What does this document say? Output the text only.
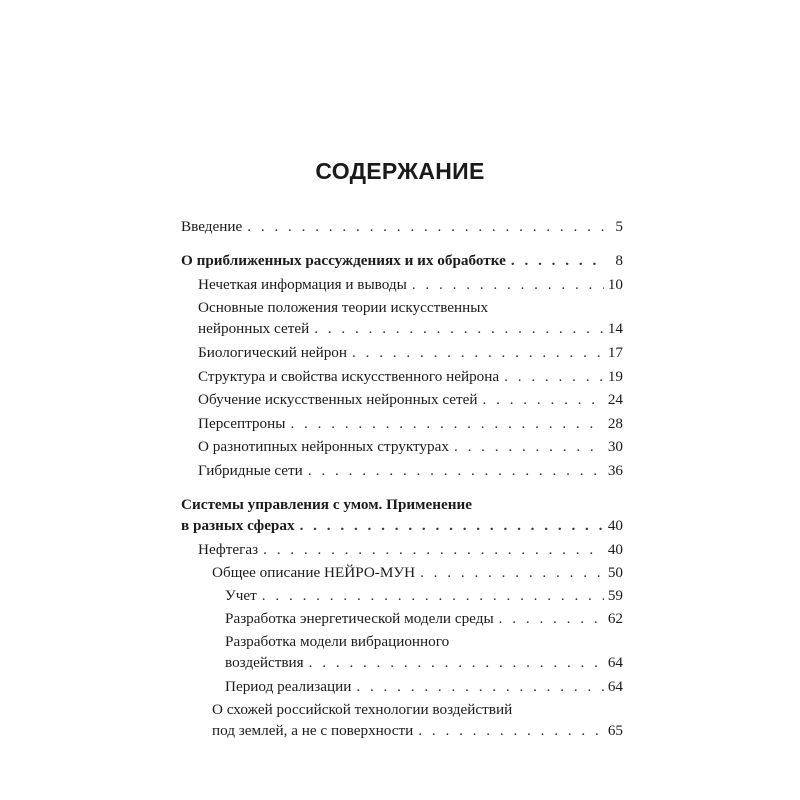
СОДЕРЖАНИЕ
Введение . . .	5
О приближенных рассуждениях и их обработке . . .	8
Нечеткая информация и выводы . . .	10
Основные положения теории искусственных
нейронных сетей . . .	14
Биологический нейрон . . .	17
Структура и свойства искусственного нейрона . . .	19
Обучение искусственных нейронных сетей . . .	24
Персептроны . . .	28
О разнотипных нейронных структурах . . .	30
Гибридные сети . . .	36
Системы управления с умом. Применение
в разных сферах . . .	40
Нефтегаз . . .	40
Общее описание НЕЙРО-МУН . . .	50
Учет . . .	59
Разработка энергетической модели среды . . .	62
Разработка модели вибрационного
воздействия . . .	64
Период реализации . . .	64
О схожей российской технологии воздействий
под землей, а не с поверхности . . .	65
